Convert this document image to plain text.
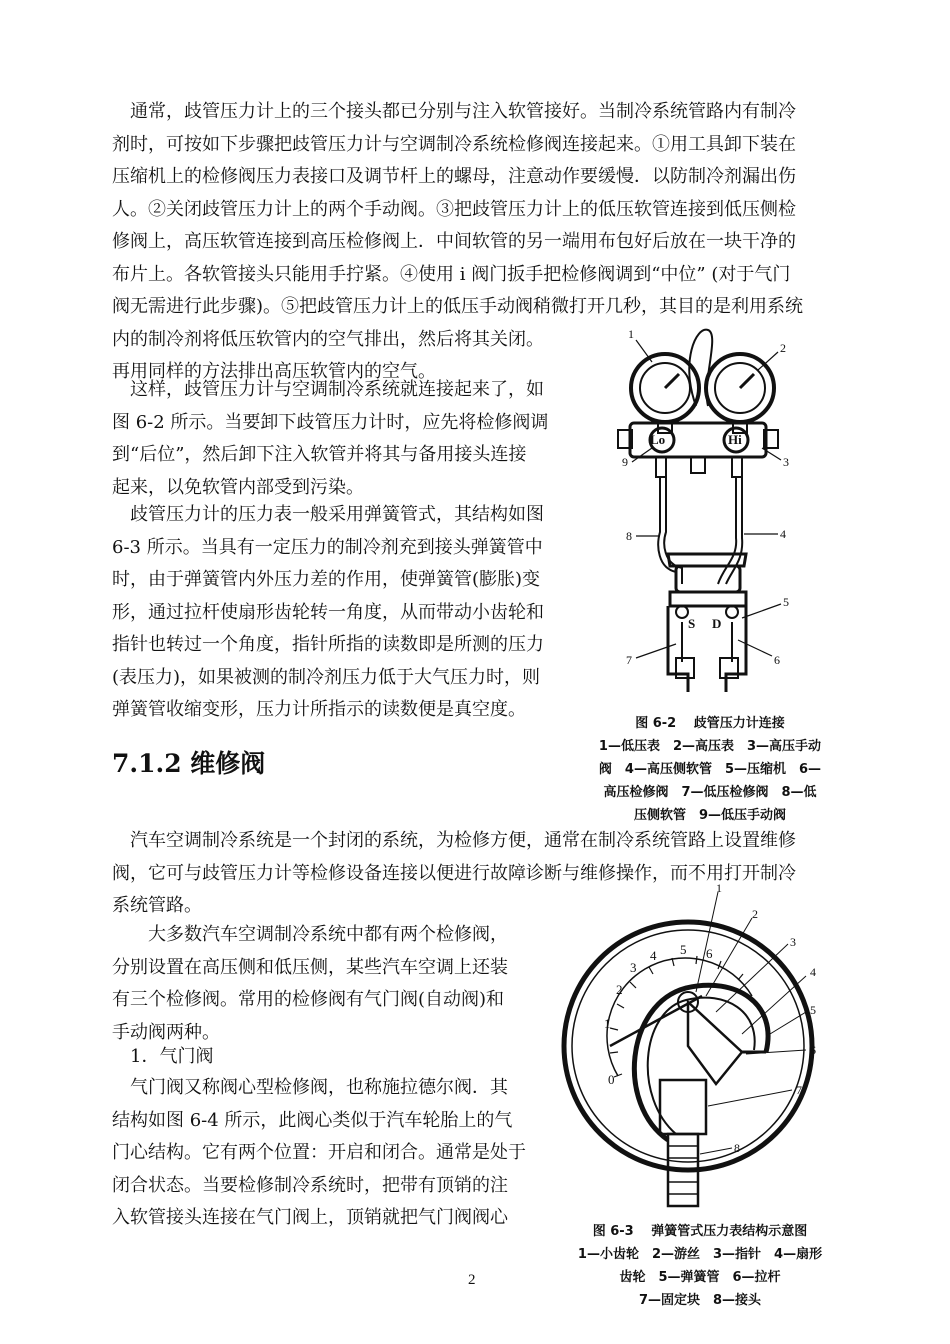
　通常，歧管压力计上的三个接头都已分别与注入软管接好。当制冷系统管路内有制冷
剂时，可按如下步骤把歧管压力计与空调制冷系统检修阀连接起来。①用工具卸下装在
压缩机上的检修阀压力表接口及调节杆上的螺母，注意动作要缓慢．以防制冷剂漏出伤
人。②关闭歧管压力计上的两个手动阀。③把歧管压力计上的低压软管连接到低压侧检
修阀上，高压软管连接到高压检修阀上．中间软管的另一端用布包好后放在一块干净的
布片上。各软管接头只能用手拧紧。④使用 i 阀门扳手把检修阀调到“中位” (对于气门
阀无需进行此步骤)。⑤把歧管压力计上的低压手动阀稍微打开几秒，其目的是利用系统
内的制冷剂将低压软管内的空气排出，然后将其关闭。
再用同样的方法排出高压软管内的空气。
　这样，歧管压力计与空调制冷系统就连接起来了，如
图 6-2 所示。当要卸下歧管压力计时，应先将检修阀调
到“后位”，然后卸下注入软管并将其与备用接头连接
起来，以免软管内部受到污染。
　歧管压力计的压力表一般采用弹簧管式，其结构如图
6-3 所示。当具有一定压力的制冷剂充到接头弹簧管中
时，由于弹簧管内外压力差的作用，使弹簧管(膨胀)变
形，通过拉杆使扇形齿轮转一角度，从而带动小齿轮和
指针也转过一个角度，指针所指的读数即是所测的压力
(表压力)，如果被测的制冷剂压力低于大气压力时，则
弹簧管收缩变形，压力计所指示的读数便是真空度。
7.1.2 维修阀
　汽车空调制冷系统是一个封闭的系统，为检修方便，通常在制冷系统管路上设置维修
阀，它可与歧管压力计等检修设备连接以便进行故障诊断与维修操作，而不用打开制冷
系统管路。
　　大多数汽车空调制冷系统中都有两个检修阀，
分别设置在高压侧和低压侧，某些汽车空调上还装
有三个检修阀。常用的检修阀有气门阀(自动阀)和
手动阀两种。
　1．气门阀
　气门阀又称阀心型检修阀，也称施拉德尔阀．其
结构如图 6-4 所示，此阀心类似于汽车轮胎上的气
门心结构。它有两个位置：开启和闭合。通常是处于
闭合状态。当要检修制冷系统时，把带有顶销的注
入软管接头连接在气门阀上，顶销就把气门阀阀心
Lo	Hi
S D
1
2
3
4
5
6
7
8
9
图 6-2　 歧管压力计连接
1—低压表　2—高压表　3—高压手动
阀　4—高压侧软管　5—压缩机　6—
高压检修阀　7—低压检修阀　8—低
压侧软管　9—低压手动阀
0
1
2
3
4 5 6
1
2
3
4
5
6
7
8
图 6-3　 弹簧管式压力表结构示意图
1—小齿轮　2—游丝　3—指针　4—扇形
齿轮　5—弹簧管　6—拉杆
7—固定块　8—接头
2
